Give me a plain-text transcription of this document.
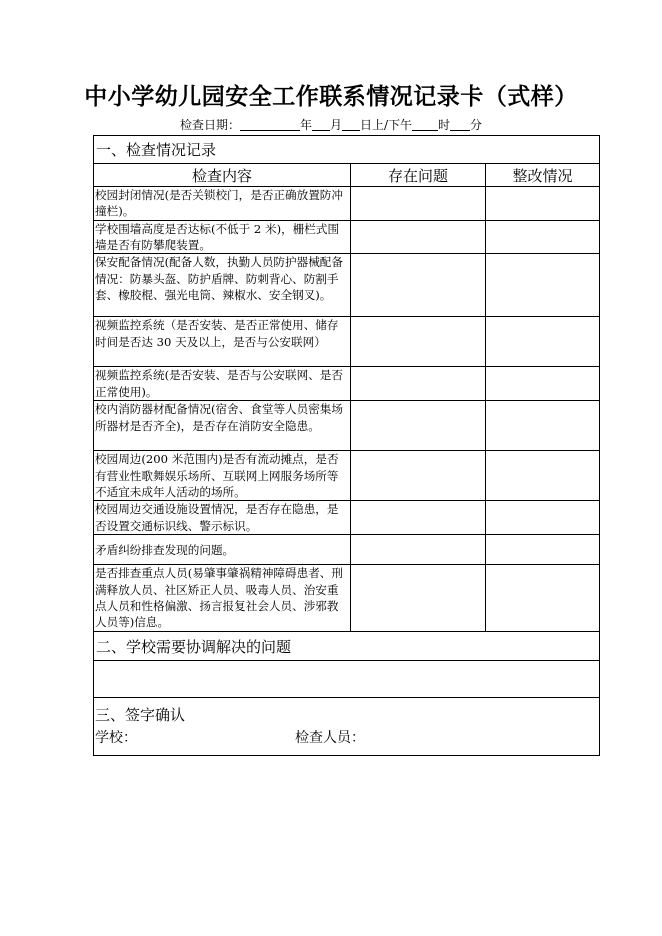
中小学幼儿园安全工作联系情况记录卡（式样）
检查日期：	年 月 日上/下午 时 分
一、检查情况记录		
检查内容	存在问题	整改情况
校园封闭情况(是否关锁校门，是否正确放置防冲撞栏)。		
学校围墙高度是否达标(不低于 2 米)，栅栏式围墙是否有防攀爬装置。		
保安配备情况(配备人数，执勤人员防护器械配备情况：防暴头盔、防护盾牌、防刺背心、防割手套、橡胶棍、强光电筒、辣椒水、安全钢叉)。		
视频监控系统（是否安装、是否正常使用、储存时间是否达 30 天及以上，是否与公安联网）		
视频监控系统(是否安装、是否与公安联网、是否正常使用)。		
校内消防器材配备情况(宿舍、食堂等人员密集场所器材是否齐全)，是否存在消防安全隐患。		
校园周边(200 米范围内)是否有流动摊点，是否有营业性歌舞娱乐场所、互联网上网服务场所等不适宜未成年人活动的场所。		
校园周边交通设施设置情况，是否存在隐患，是否设置交通标识线、警示标识。		
矛盾纠纷排查发现的问题。		
是否排查重点人员(易肇事肇祸精神障碍患者、刑满释放人员、社区矫正人员、吸毒人员、治安重点人员和性格偏激、扬言报复社会人员、涉邪教人员等)信息。		
二、学校需要协调解决的问题		

三、签字确认
学校： 检查人员：		
